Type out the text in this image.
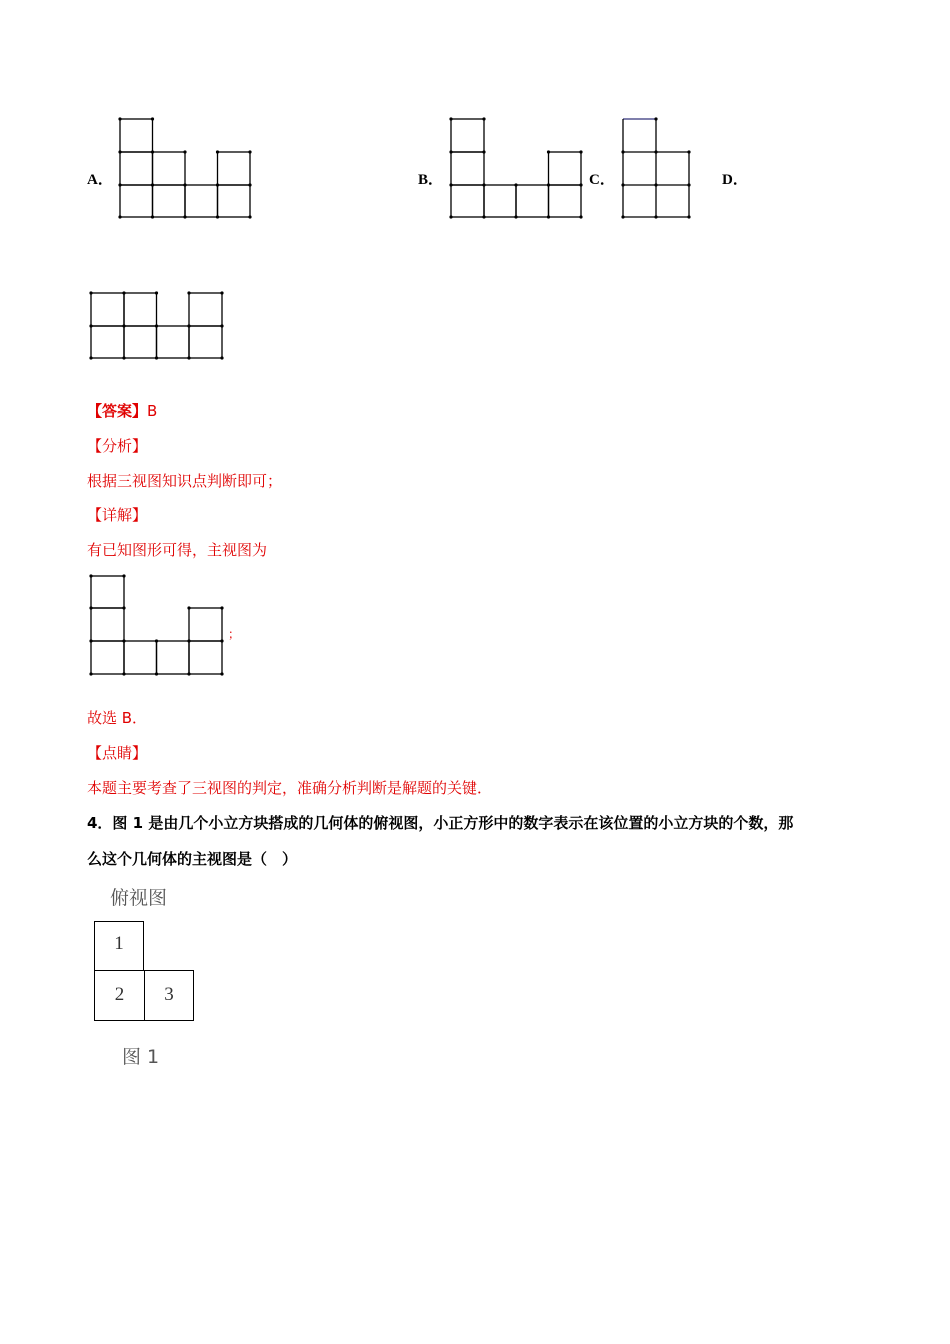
A．	B．	C．	D．
【答案】B
【分析】
根据三视图知识点判断即可；
【详解】
有已知图形可得，主视图为
；
故选 B．
【点睛】
本题主要考查了三视图的判定，准确分析判断是解题的关键．
4．图 1 是由几个小立方块搭成的几何体的俯视图，小正方形中的数字表示在该位置的小立方块的个数，那
么这个几何体的主视图是（　）
俯视图
1
2	3
图 1
